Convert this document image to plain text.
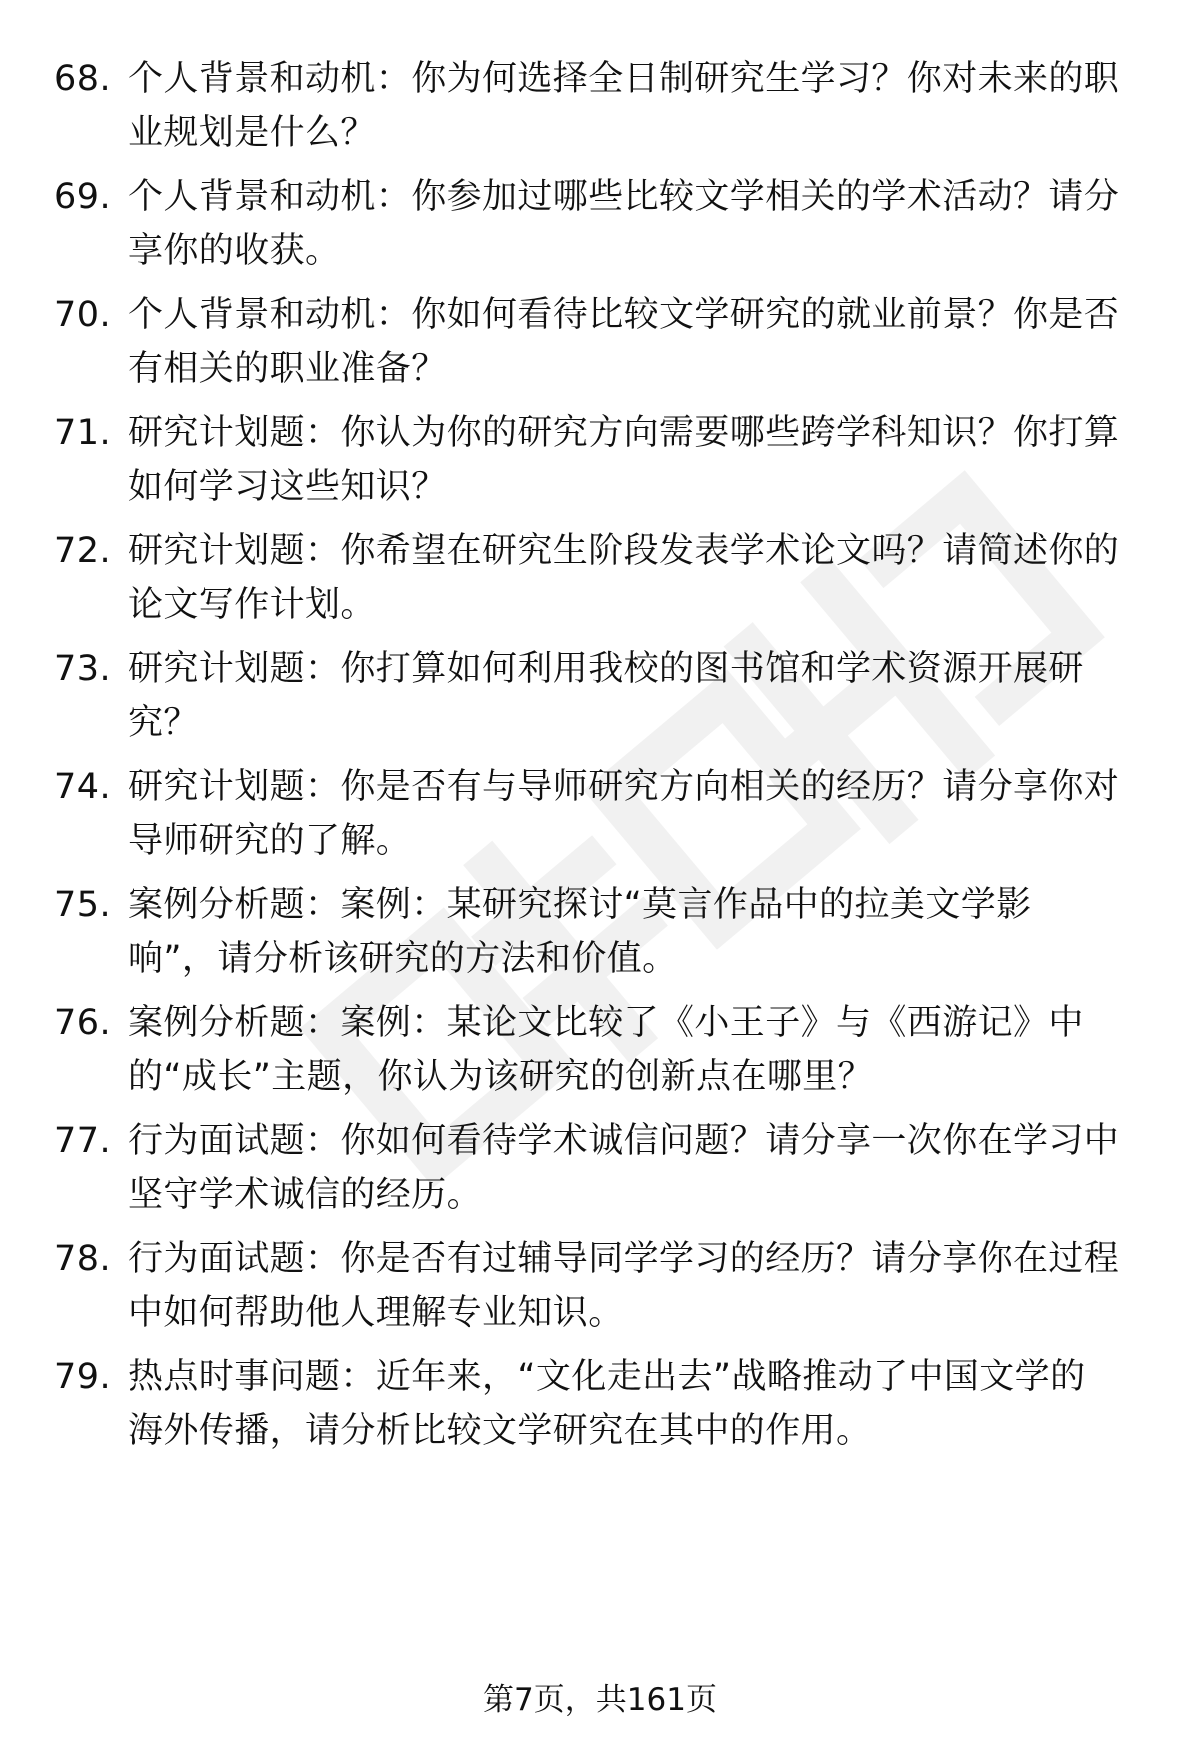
68. 个人背景和动机：你为何选择全日制研究生学习？你对未来的职
业规划是什么？
69. 个人背景和动机：你参加过哪些比较文学相关的学术活动？请分
享你的收获。
70. 个人背景和动机：你如何看待比较文学研究的就业前景？你是否
有相关的职业准备？
71. 研究计划题：你认为你的研究方向需要哪些跨学科知识？你打算
如何学习这些知识？
72. 研究计划题：你希望在研究生阶段发表学术论文吗？请简述你的
论文写作计划。
73. 研究计划题：你打算如何利用我校的图书馆和学术资源开展研
究？
74. 研究计划题：你是否有与导师研究方向相关的经历？请分享你对
导师研究的了解。
75. 案例分析题：案例：某研究探讨“莫言作品中的拉美文学影
响”，请分析该研究的方法和价值。
76. 案例分析题：案例：某论文比较了《小王子》与《西游记》中
的“成长”主题，你认为该研究的创新点在哪里？
77. 行为面试题：你如何看待学术诚信问题？请分享一次你在学习中
坚守学术诚信的经历。
78. 行为面试题：你是否有过辅导同学学习的经历？请分享你在过程
中如何帮助他人理解专业知识。
79. 热点时事问题：近年来，“文化走出去”战略推动了中国文学的
海外传播，请分析比较文学研究在其中的作用。
第7页，共161页
